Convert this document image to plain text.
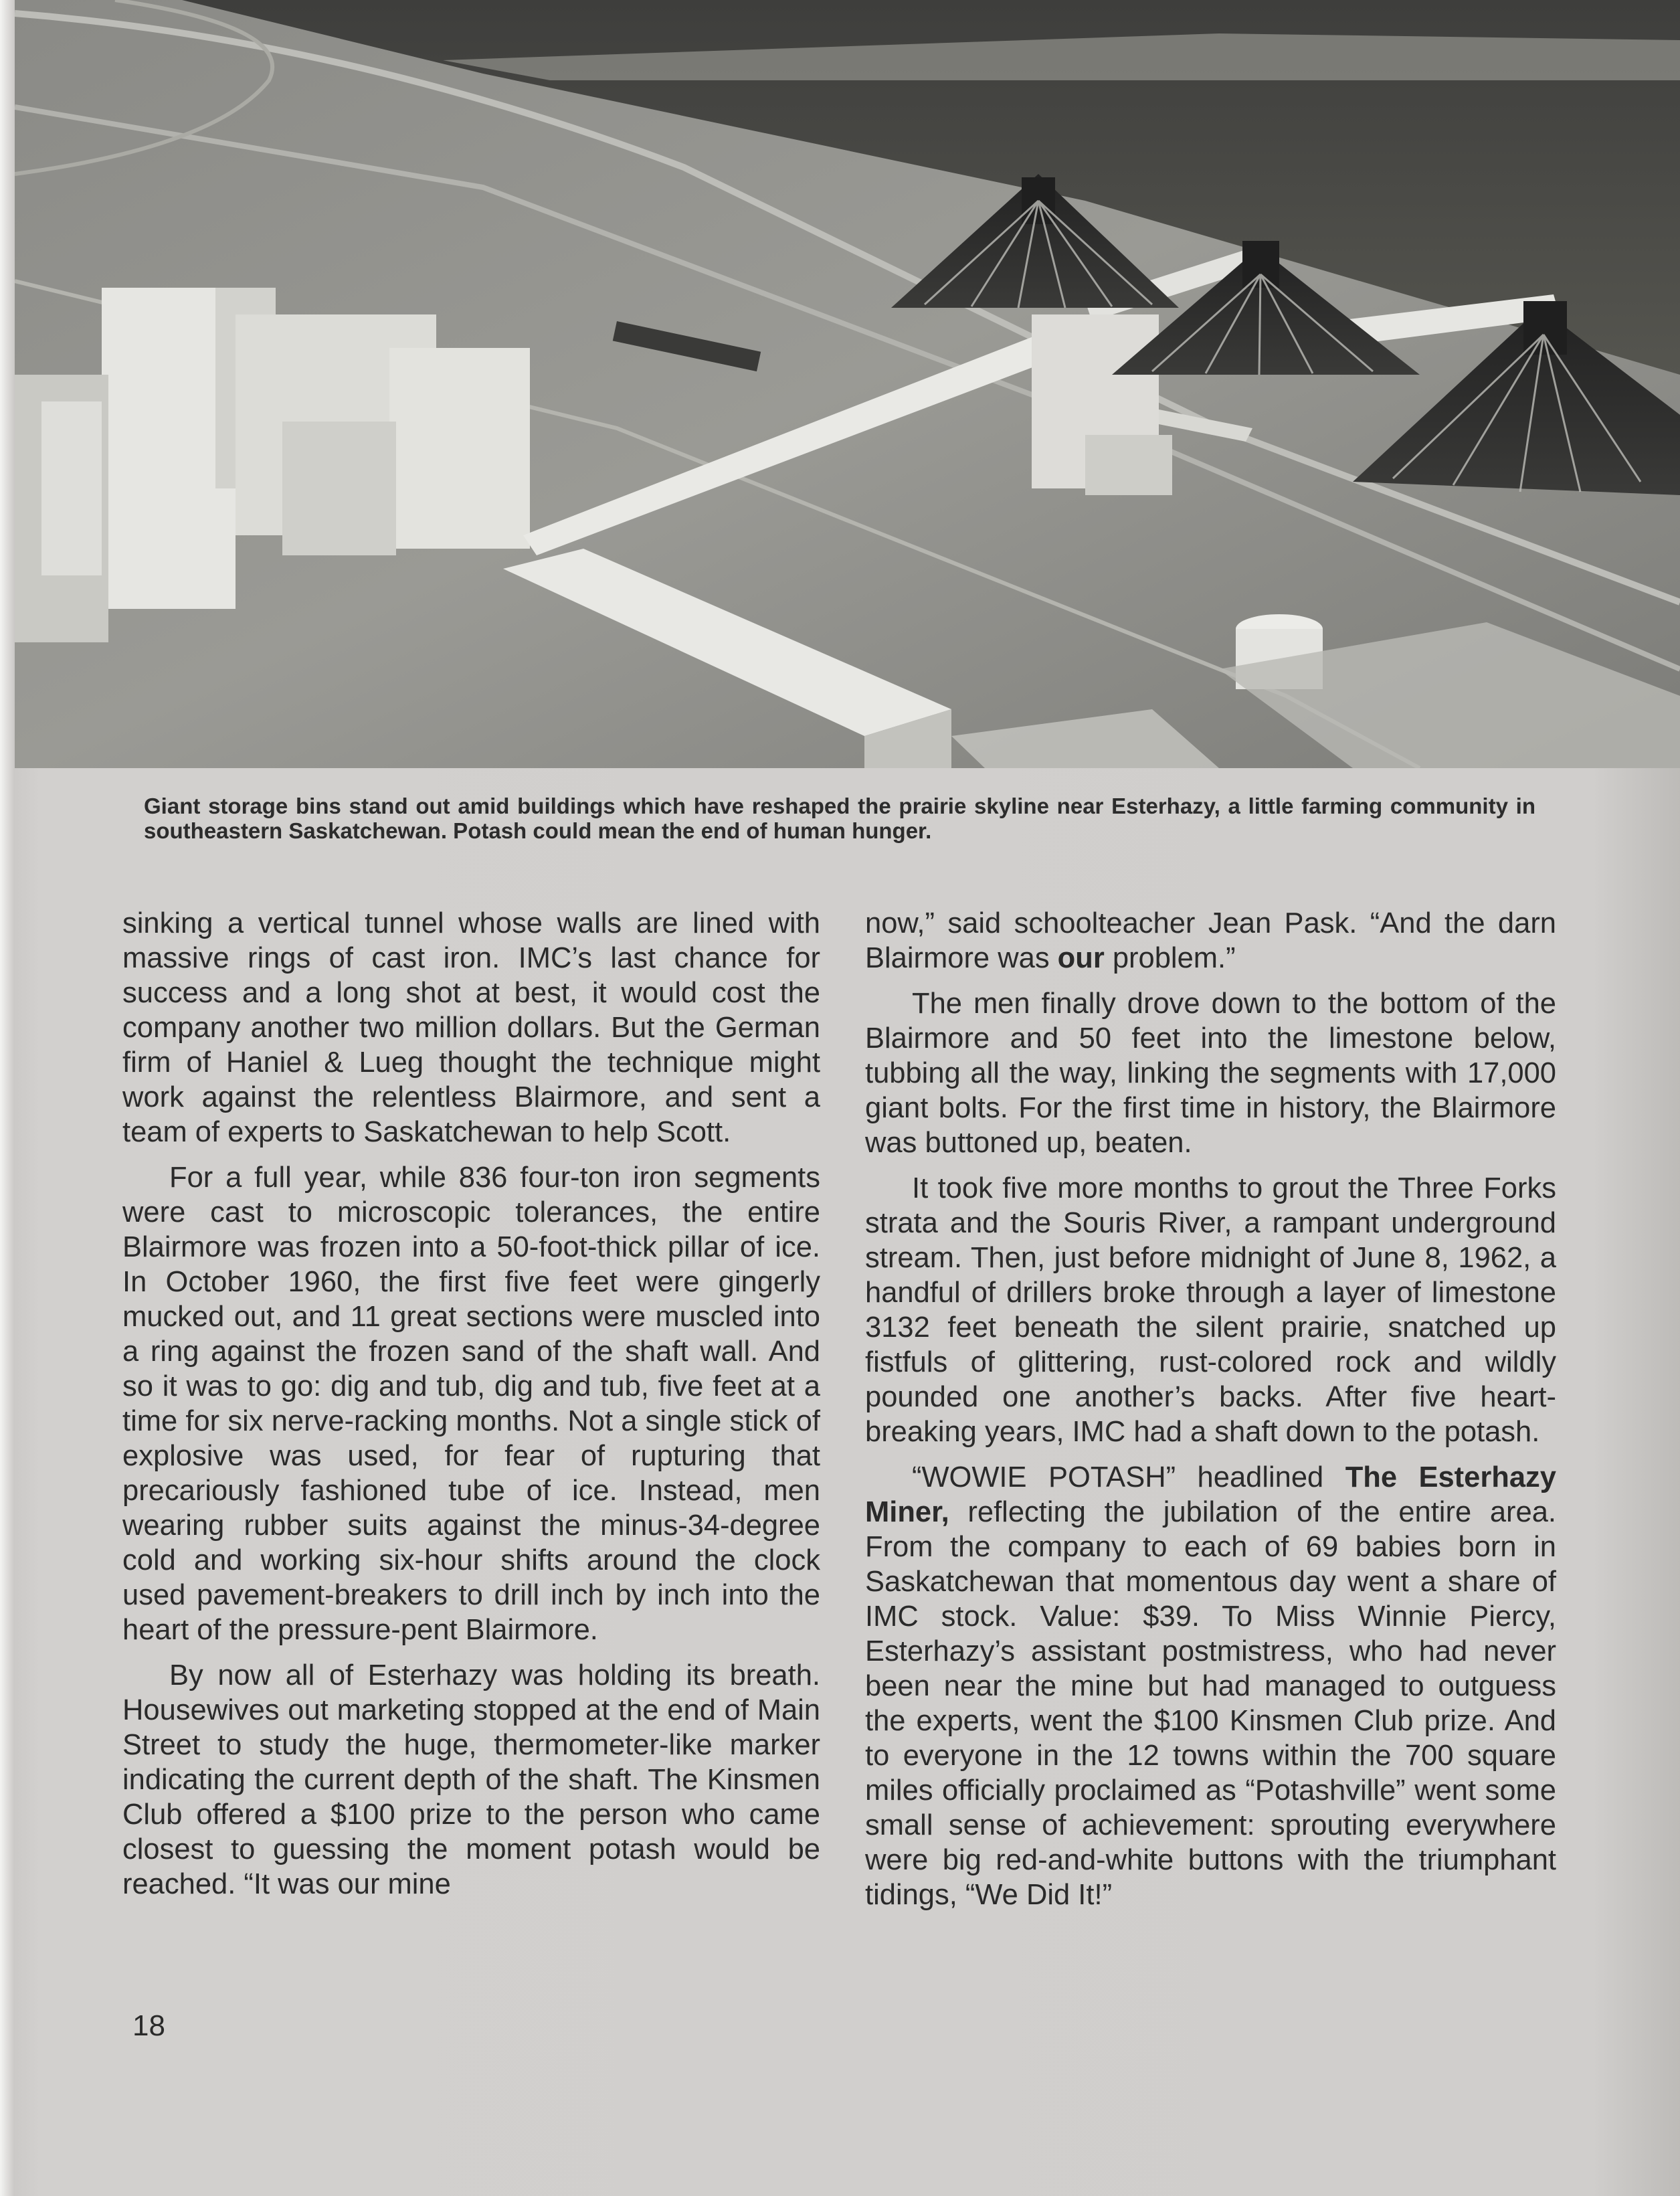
Giant storage bins stand out amid buildings which have reshaped the prairie skyline near Esterhazy, a little farming community in southeastern Saskatchewan. Potash could mean the end of human hunger.

sinking a vertical tunnel whose walls are lined with massive rings of cast iron. IMC’s last chance for success and a long shot at best, it would cost the company another two million dollars. But the German firm of Haniel & Lueg thought the technique might work against the relentless Blairmore, and sent a team of experts to Saskatchewan to help Scott.

For a full year, while 836 four-ton iron segments were cast to microscopic tolerances, the entire Blairmore was frozen into a 50-foot-thick pillar of ice. In October 1960, the first five feet were gingerly mucked out, and 11 great sections were muscled into a ring against the frozen sand of the shaft wall. And so it was to go: dig and tub, dig and tub, five feet at a time for six nerve-racking months. Not a single stick of explosive was used, for fear of rupturing that precariously fashioned tube of ice. Instead, men wearing rubber suits against the minus-34-degree cold and working six-hour shifts around the clock used pavement-breakers to drill inch by inch into the heart of the pressure-pent Blairmore.

By now all of Esterhazy was holding its breath. Housewives out marketing stopped at the end of Main Street to study the huge, thermometer-like marker indicating the current depth of the shaft. The Kinsmen Club offered a $100 prize to the person who came closest to guessing the moment potash would be reached. “It was our mine

now,” said schoolteacher Jean Pask. “And the darn Blairmore was our problem.”

The men finally drove down to the bottom of the Blairmore and 50 feet into the limestone below, tubbing all the way, linking the segments with 17,000 giant bolts. For the first time in history, the Blairmore was buttoned up, beaten.

It took five more months to grout the Three Forks strata and the Souris River, a rampant underground stream. Then, just before midnight of June 8, 1962, a handful of drillers broke through a layer of limestone 3132 feet beneath the silent prairie, snatched up fistfuls of glittering, rust-colored rock and wildly pounded one another’s backs. After five heart-breaking years, IMC had a shaft down to the potash.

“WOWIE POTASH” headlined The Esterhazy Miner, reflecting the jubilation of the entire area. From the company to each of 69 babies born in Saskatchewan that momentous day went a share of IMC stock. Value: $39. To Miss Winnie Piercy, Esterhazy’s assistant postmistress, who had never been near the mine but had managed to outguess the experts, went the $100 Kinsmen Club prize. And to everyone in the 12 towns within the 700 square miles officially proclaimed as “Potashville” went some small sense of achievement: sprouting everywhere were big red-and-white buttons with the triumphant tidings, “We Did It!”

18
